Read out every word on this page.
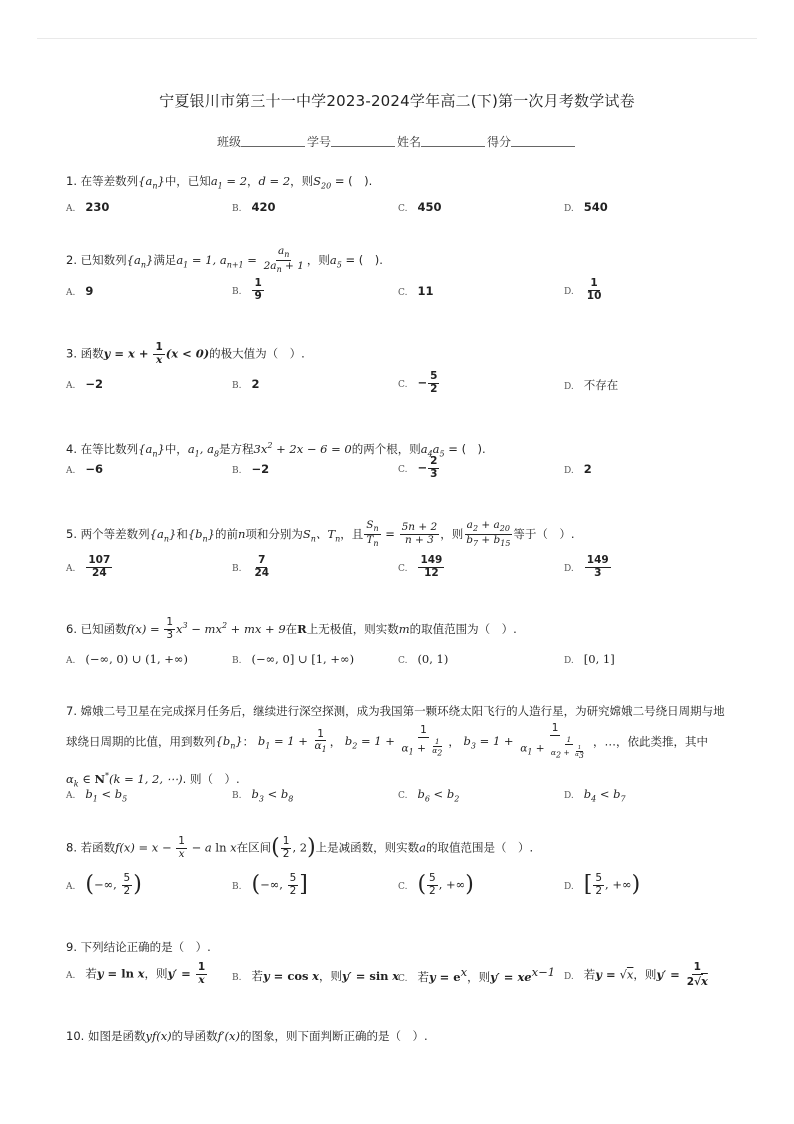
宁夏银川市第三十一中学2023-2024学年高二(下)第一次月考数学试卷
班级	学号	姓名	得分
1. 在等差数列$\{a_n\}$中，已知$a_1 = 2$，d = 2，则$S_{20}$ = (　).
A. 230	B. 420	C. 450	D. 540
2. 已知数列$\{a_n\}$满足$a_1 = 1$, $a_{n+1} = \frac{a_n}{2a_n + 1}$ ，则$a_5$ = (　).
A. 9	B. $\frac{1}{9}$	C. 11	D. $\frac{1}{10}$
3. 函数$y = x + \frac{1}{x} (x < 0)$的极大值为（　）.
A. −2	B. 2	C. − $\frac{5}{2}$	D. 不存在
4. 在等比数列$\{a_n\}$中，$a_1$, $a_8$是方程$3x^2 + 2x - 6 = 0$的两个根，则$a_4a_5$ = (　).
A. −6	B. −2	C. − $\frac{2}{3}$	D. 2
5. 两个等差数列$\{a_n\}$和$\{b_n\}$的前n项和分别为$S_n$、$T_n$，且 $\frac{S_n}{T_n} = \frac{5n + 2}{n + 3}$ ，则 $\frac{a_2 + a_{20}}{b_7 + b_{15}}$ 等于（　）.
A. $\frac{107}{24}$	B. $\frac{7}{24}$	C. $\frac{149}{12}$	D. $\frac{149}{3}$
6. 已知函数$f(x) = \frac{1}{3} x^3 - mx^2$ + mx + 9在R上无极值，则实数m的取值范围为（　）.
A. (−∞, 0) ∪ (1, +∞)	B. (−∞, 0] ∪ [1, +∞)	C. (0, 1)	D. [0, 1]
7. 嫦娥二号卫星在完成探月任务后，继续进行深空探测，成为我国第一颗环绕太阳飞行的人造行星，为研究嫦娥二号绕日周期与地
球绕日周期的比值，用到数列$\{b_n\}$： $b_1 = 1 + \frac{1}{\alpha_1}$ ， $b_2 = 1 + \frac{1}{\alpha_1 + \frac{1}{\alpha_2}}$ ， $b_3 = 1 + \frac{1}{\alpha_1 + \frac{1}{\alpha_2 + \frac{1}{\alpha_3}}}$ ，…，依此类推，其中
$\alpha_k$ ∈ N*(k = 1, 2, ⋯). 则（　）.
A. $b_1 < b_5$	B. $b_3 < b_8$	C. $b_6 < b_2$	D. $b_4 < b_7$
8. 若函数$f(x) = x - \frac{1}{x} - a$ ln x在区间( $\frac{1}{2}$ , 2)上是减函数，则实数a的取值范围是（　）.
A. (−∞, $\frac{5}{2}$ )	B. (−∞, $\frac{5}{2}$ ]	C. ( $\frac{5}{2}$ , +∞)	D. [ $\frac{5}{2}$ , +∞)
9. 下列结论正确的是（　）.
A. 若y = ln x，则$y' = \frac{1}{x}$	B. 若y = cos x，则y′ = sin x
C. 若$y = e^x$，则$y' = xe^{x-1}$ D. 若y = √x，则$y' = \frac{1}{2√x}$
10. 如图是函数yf(x)的导函数f′(x)的图象，则下面判断正确的是（　）.
